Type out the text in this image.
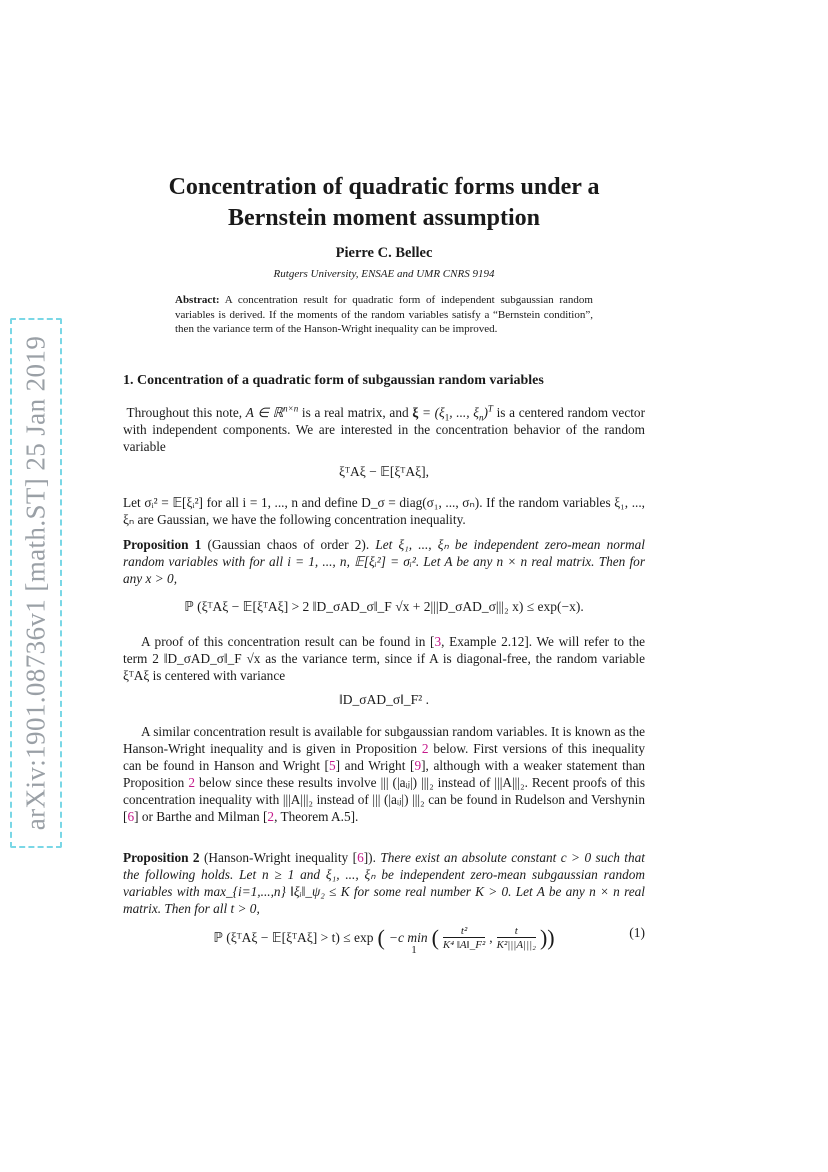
arXiv:1901.08736v1 [math.ST] 25 Jan 2019
Concentration of quadratic forms under a Bernstein moment assumption
Pierre C. Bellec
Rutgers University, ENSAE and UMR CNRS 9194
Abstract: A concentration result for quadratic form of independent subgaussian random variables is derived. If the moments of the random variables satisfy a “Bernstein condition”, then the variance term of the Hanson-Wright inequality can be improved.
1. Concentration of a quadratic form of subgaussian random variables
Throughout this note, A ∈ ℝ$^{n\times n}$ is a real matrix, and $\xi = (\xi_1$, ..., $\xi_n)^T$ is a centered random vector with independent components. We are interested in the concentration behavior of the random variable
ξᵀAξ − 𝔼[ξᵀAξ],
Let σᵢ² = 𝔼[ξᵢ²] for all i = 1, ..., n and define D_σ = diag(σ₁, ..., σₙ). If the random variables ξ₁, ..., ξₙ are Gaussian, we have the following concentration inequality.
Proposition 1 (Gaussian chaos of order 2). Let ξ₁, ..., ξₙ be independent zero-mean normal random variables with for all i = 1, ..., n, 𝔼[ξᵢ²] = σᵢ². Let A be any n × n real matrix. Then for any x > 0,
ℙ (ξᵀAξ − 𝔼[ξᵀAξ] > 2 ‖D_σAD_σ‖_F √x + 2|||D_σAD_σ|||₂ x) ≤ exp(−x).
A proof of this concentration result can be found in [3, Example 2.12]. We will refer to the term 2 ‖D_σAD_σ‖_F √x as the variance term, since if A is diagonal-free, the random variable ξᵀAξ is centered with variance
‖D_σAD_σ‖_F² .
A similar concentration result is available for subgaussian random variables. It is known as the Hanson-Wright inequality and is given in Proposition 2 below. First versions of this inequality can be found in Hanson and Wright [5] and Wright [9], although with a weaker statement than Proposition 2 below since these results involve ||| (|aᵢⱼ|) |||₂ instead of |||A|||₂. Recent proofs of this concentration inequality with |||A|||₂ instead of ||| (|aᵢⱼ|) |||₂ can be found in Rudelson and Vershynin [6] or Barthe and Milman [2, Theorem A.5].
Proposition 2 (Hanson-Wright inequality [6]). There exist an absolute constant c > 0 such that the following holds. Let n ≥ 1 and ξ₁, ..., ξₙ be independent zero-mean subgaussian random variables with max_{i=1,...,n} ‖ξᵢ‖_ψ₂ ≤ K for some real number K > 0. Let A be any n × n real matrix. Then for all t > 0,
ℙ (ξᵀAξ − 𝔼[ξᵀAξ] > t) ≤ exp ( −c min ( $\frac{\text{t²}}{\text{K⁴ ‖A‖\_F²}}$ , $\frac{t}{\text{K²|||A|||₂}}$ ))	(1)
1
